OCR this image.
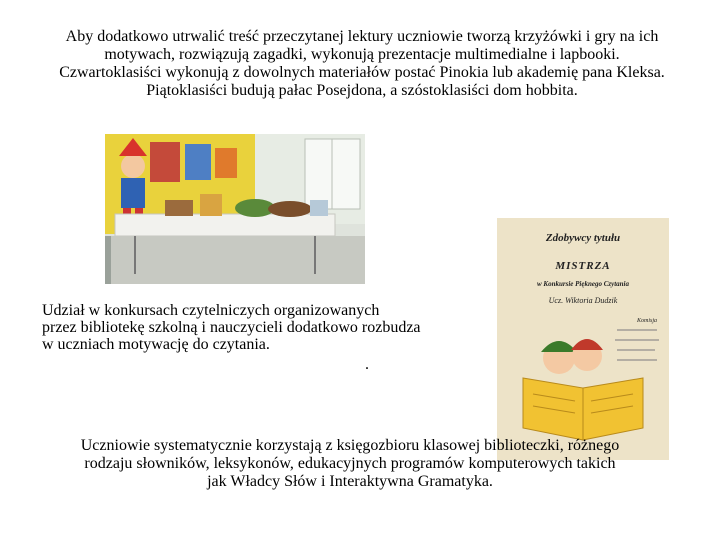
Aby dodatkowo utrwalić treść przeczytanej lektury uczniowie tworzą krzyżówki i gry na ich
motywach, rozwiązują zagadki, wykonują prezentacje multimedialne i lapbooki.
Czwartoklasiści wykonują z dowolnych materiałów postać Pinokia lub akademię pana Kleksa.
Piątoklasiści budują pałac Posejdona, a szóstoklasiści dom hobbita.

Udział w konkursach czytelniczych organizowanych
przez bibliotekę szkolną i nauczycieli dodatkowo rozbudza
w uczniach motywację do czytania.

.
Zdobywcy tytułu
MISTRZA
w Konkursie Pięknego Czytania
Ucz. Wiktoria Dudzik
Komisja

Uczniowie systematycznie korzystają z księgozbioru klasowej biblioteczki, różnego
rodzaju słowników, leksykonów, edukacyjnych programów komputerowych takich
jak Władcy Słów i Interaktywna Gramatyka.
